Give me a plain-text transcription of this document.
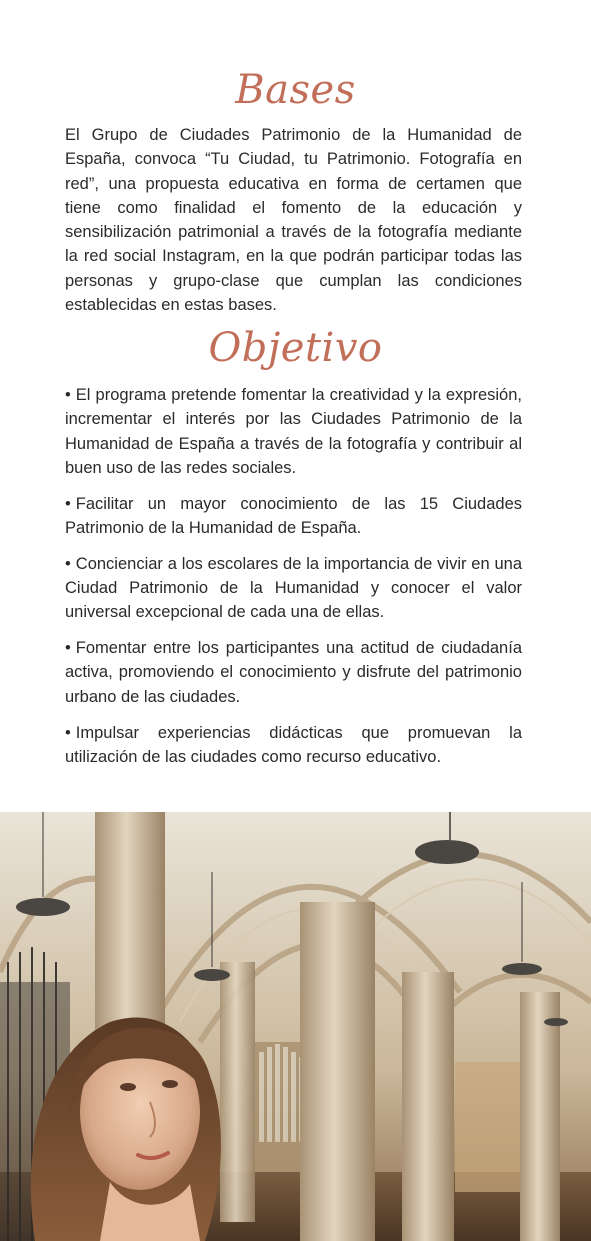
Bases

El Grupo de Ciudades Patrimonio de la Humanidad de España, convoca “Tu Ciudad, tu Patrimonio. Fotografía en red”, una propuesta educativa en forma de certamen que tiene como finalidad el fomento de la educación y sensibilización patrimonial a través de la fotografía mediante la red social Instagram, en la que podrán participar todas las personas y grupo-clase que cumplan las condiciones establecidas en estas bases.

Objetivo
• El programa pretende fomentar la creatividad y la expresión, incrementar el interés por las Ciudades Patrimonio de la Humanidad de España a través de la fotografía y contribuir al buen uso de las redes sociales.
• Facilitar un mayor conocimiento de las 15 Ciudades Patrimonio de la Humanidad de España.
• Concienciar a los escolares de la importancia de vivir en una Ciudad Patrimonio de la Humanidad y conocer el valor universal excepcional de cada una de ellas.
• Fomentar entre los participantes una actitud de ciudadanía activa, promoviendo el conocimiento y disfrute del patrimonio urbano de las ciudades.
• Impulsar experiencias didácticas que promuevan la utilización de las ciudades como recurso educativo.
